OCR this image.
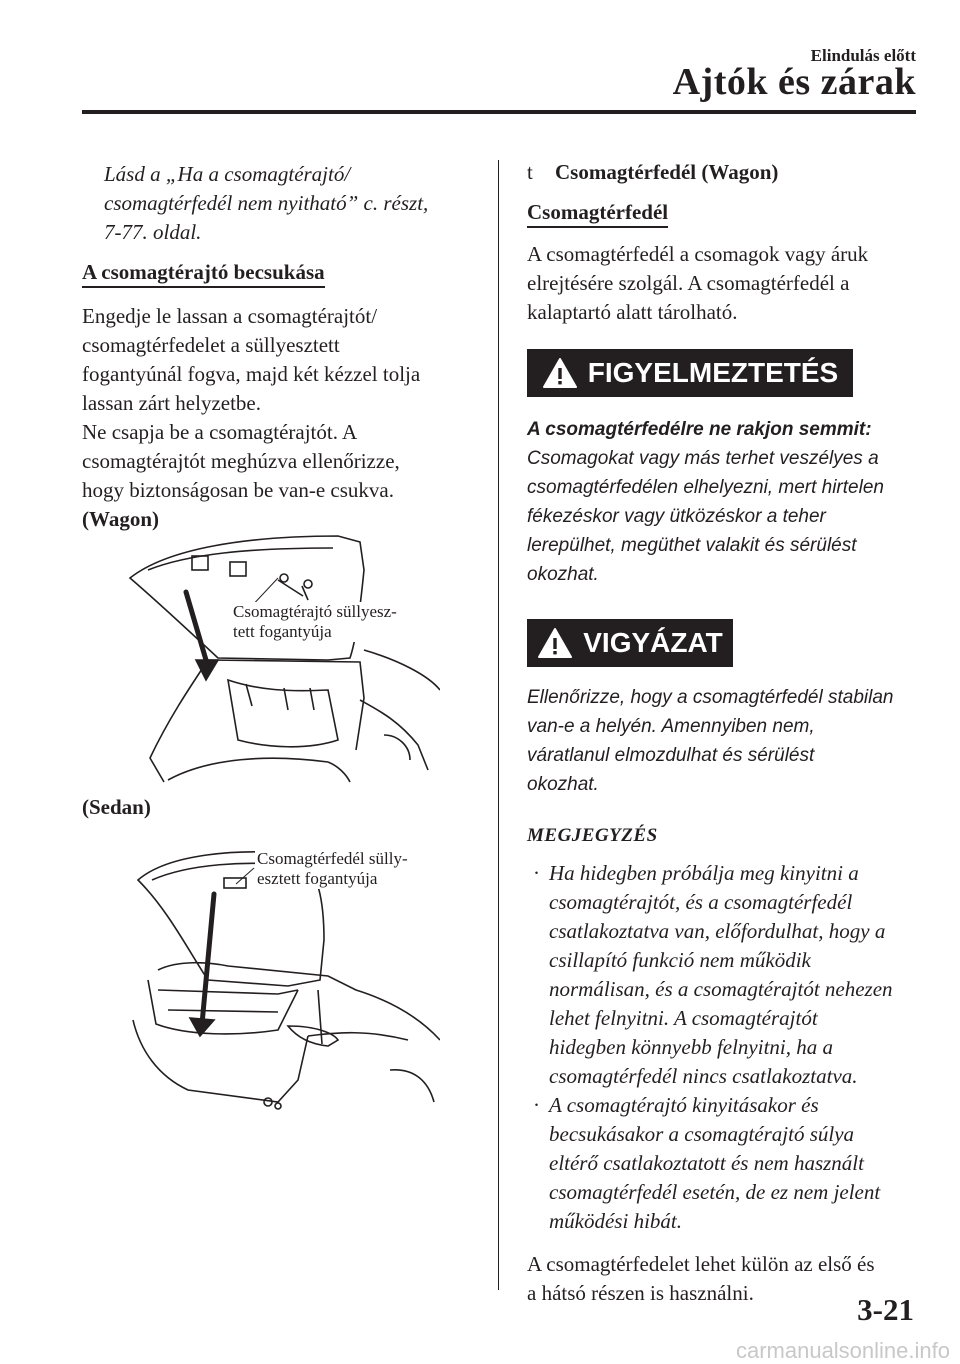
Elindulás előtt
Ajtók és zárak
Lásd a „Ha a csomagtérajtó/
csomagtérfedél nem nyitható” c. részt,
7-77. oldal.
A csomagtérajtó becsukása
Engedje le lassan a csomagtérajtót/
csomagtérfedelet a süllyesztett
fogantyúnál fogva, majd két kézzel tolja
lassan zárt helyzetbe.
Ne csapja be a csomagtérajtót. A
csomagtérajtót meghúzva ellenőrizze,
hogy biztonságosan be van-e csukva.
(Wagon)
Csomagtérajtó süllyesz-
tett fogantyúja
(Sedan)
Csomagtérfedél sülly-
esztett fogantyúja
t	Csomagtérfedél (Wagon)
Csomagtérfedél
A csomagtérfedél a csomagok vagy áruk
elrejtésére szolgál. A csomagtérfedél a
kalaptartó alatt tárolható.
FIGYELMEZTETÉS
A csomagtérfedélre ne rakjon semmit:
Csomagokat vagy más terhet veszélyes a
csomagtérfedélen elhelyezni, mert hirtelen
fékezéskor vagy ütközéskor a teher
lerepülhet, megüthet valakit és sérülést
okozhat.
VIGYÁZAT
Ellenőrizze, hogy a csomagtérfedél stabilan
van-e a helyén. Amennyiben nem,
váratlanul elmozdulhat és sérülést
okozhat.
MEGJEGYZÉS
· Ha hidegben próbálja meg kinyitni a
csomagtérajtót, és a csomagtérfedél
csatlakoztatva van, előfordulhat, hogy a
csillapító funkció nem működik
normálisan, és a csomagtérajtót nehezen
lehet felnyitni. A csomagtérajtót
hidegben könnyebb felnyitni, ha a
csomagtérfedél nincs csatlakoztatva.
· A csomagtérajtó kinyitásakor és
becsukásakor a csomagtérajtó súlya
eltérő csatlakoztatott és nem használt
csomagtérfedél esetén, de ez nem jelent
működési hibát.
A csomagtérfedelet lehet külön az első és
a hátsó részen is használni.	3-21
carmanualsonline.info
